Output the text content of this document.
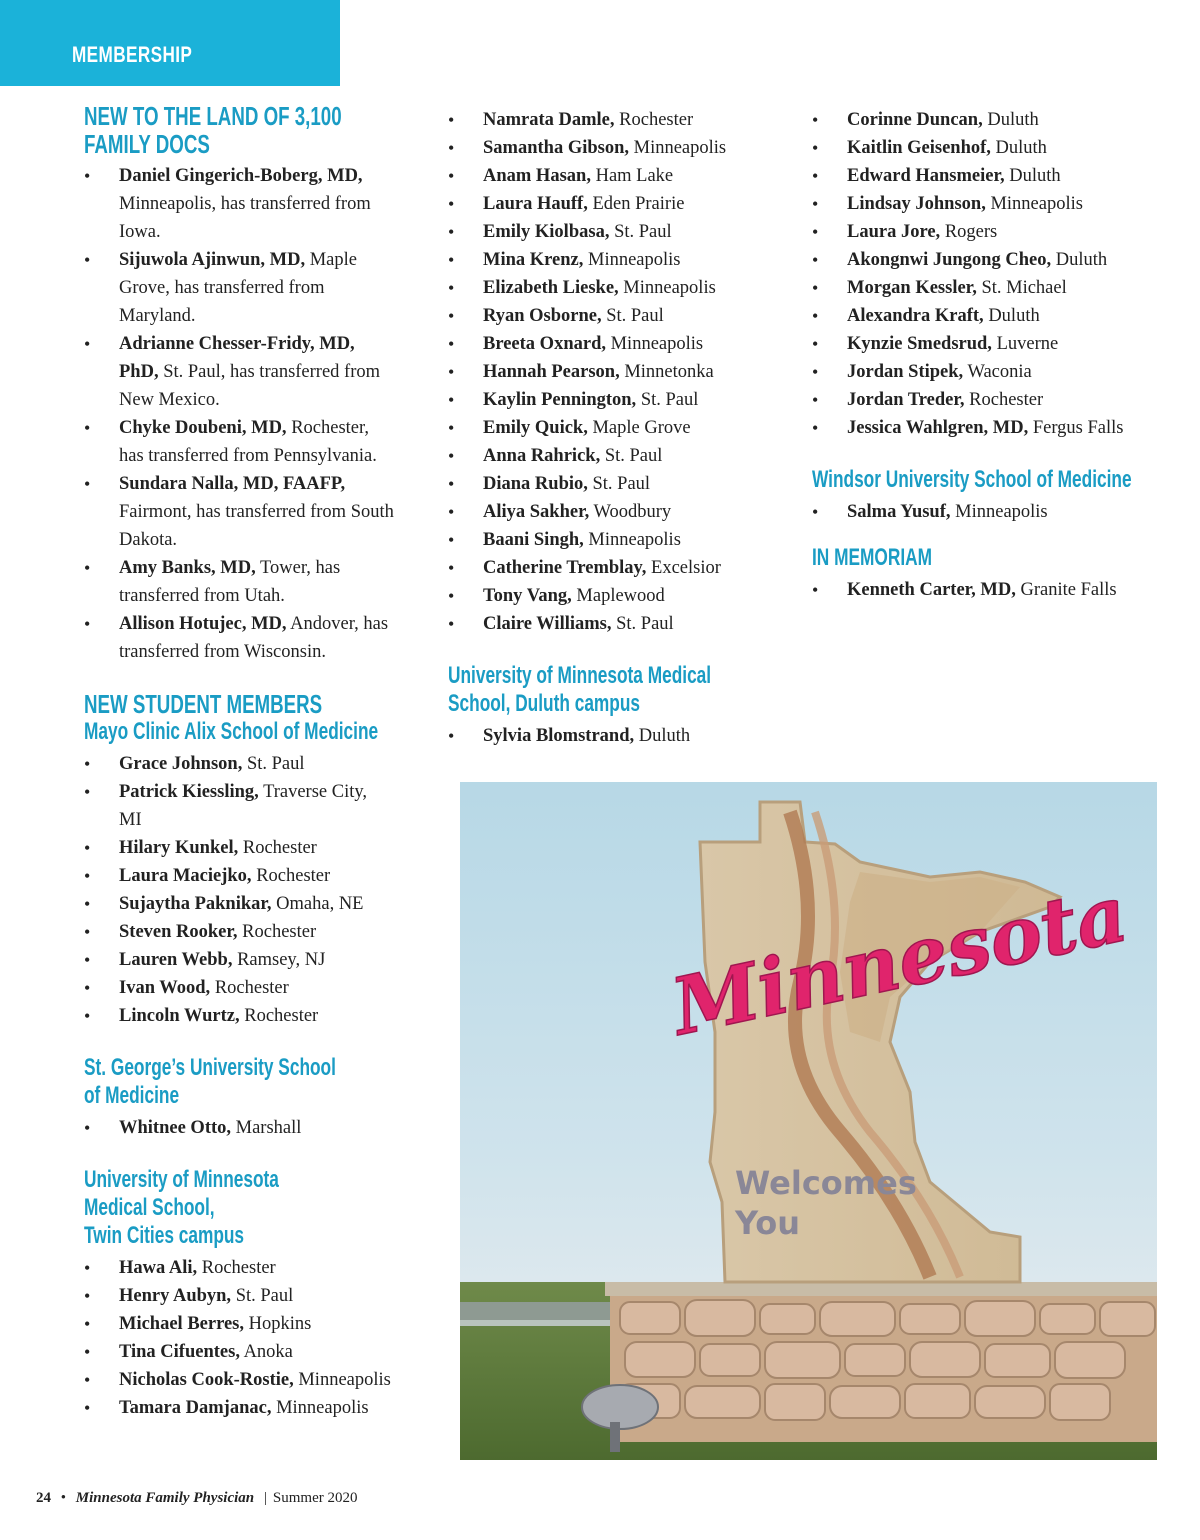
MEMBERSHIP
NEW TO THE LAND OF 3,100
FAMILY DOCS
• Daniel Gingerich-Boberg, MD, Minneapolis, has transferred from Iowa.
• Sijuwola Ajinwun, MD, Maple Grove, has transferred from Maryland.
• Adrianne Chesser-Fridy, MD, PhD, St. Paul, has transferred from New Mexico.
• Chyke Doubeni, MD, Rochester, has transferred from Pennsylvania.
• Sundara Nalla, MD, FAAFP, Fairmont, has transferred from South Dakota.
• Amy Banks, MD, Tower, has transferred from Utah.
• Allison Hotujec, MD, Andover, has transferred from Wisconsin.
NEW STUDENT MEMBERS
Mayo Clinic Alix School of Medicine
• Grace Johnson, St. Paul
• Patrick Kiessling, Traverse City, MI
• Hilary Kunkel, Rochester
• Laura Maciejko, Rochester
• Sujaytha Paknikar, Omaha, NE
• Steven Rooker, Rochester
• Lauren Webb, Ramsey, NJ
• Ivan Wood, Rochester
• Lincoln Wurtz, Rochester
St. George’s University School
of Medicine
• Whitnee Otto, Marshall
University of Minnesota
Medical School,
Twin Cities campus
• Hawa Ali, Rochester
• Henry Aubyn, St. Paul
• Michael Berres, Hopkins
• Tina Cifuentes, Anoka
• Nicholas Cook-Rostie, Minneapolis
• Tamara Damjanac, Minneapolis
• Namrata Damle, Rochester
• Samantha Gibson, Minneapolis
• Anam Hasan, Ham Lake
• Laura Hauff, Eden Prairie
• Emily Kiolbasa, St. Paul
• Mina Krenz, Minneapolis
• Elizabeth Lieske, Minneapolis
• Ryan Osborne, St. Paul
• Breeta Oxnard, Minneapolis
• Hannah Pearson, Minnetonka
• Kaylin Pennington, St. Paul
• Emily Quick, Maple Grove
• Anna Rahrick, St. Paul
• Diana Rubio, St. Paul
• Aliya Sakher, Woodbury
• Baani Singh, Minneapolis
• Catherine Tremblay, Excelsior
• Tony Vang, Maplewood
• Claire Williams, St. Paul
University of Minnesota Medical
School, Duluth campus
• Sylvia Blomstrand, Duluth
• Corinne Duncan, Duluth
• Kaitlin Geisenhof, Duluth
• Edward Hansmeier, Duluth
• Lindsay Johnson, Minneapolis
• Laura Jore, Rogers
• Akongnwi Jungong Cheo, Duluth
• Morgan Kessler, St. Michael
• Alexandra Kraft, Duluth
• Kynzie Smedsrud, Luverne
• Jordan Stipek, Waconia
• Jordan Treder, Rochester
• Jessica Wahlgren, MD, Fergus Falls
Windsor University School of Medicine
• Salma Yusuf, Minneapolis
IN MEMORIAM
• Kenneth Carter, MD, Granite Falls
Minnesota
Welcomes
You
24 • Minnesota Family Physician | Summer 2020
